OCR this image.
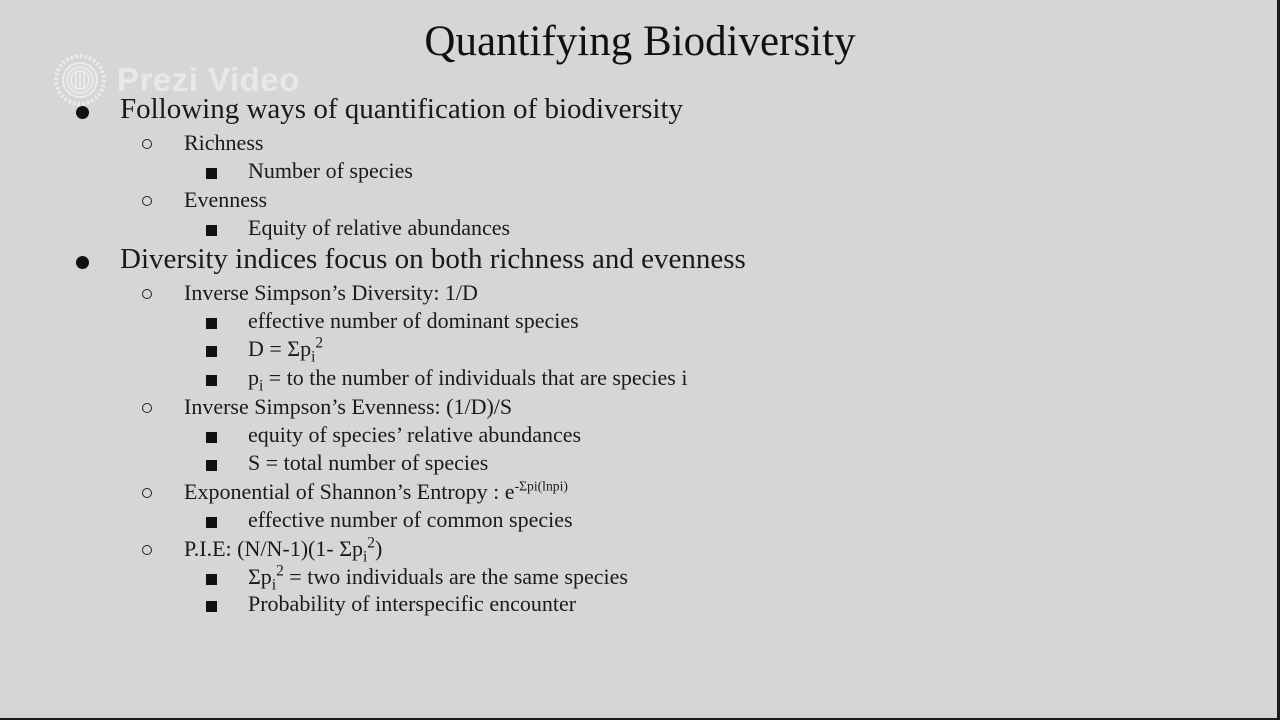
Quantifying Biodiversity
Prezi Video
Following ways of quantification of biodiversity
Richness
Number of species
Evenness
Equity of relative abundances
Diversity indices focus on both richness and evenness
Inverse Simpson’s Diversity: 1/D
effective number of dominant species
$D = \Sigma p_i^2$
$p_i$ = to the number of individuals that are species i
Inverse Simpson’s Evenness: (1/D)/S
equity of species’ relative abundances
S = total number of species
Exponential of Shannon’s Entropy : $e^{-\Sigma pi(lnpi)}$
effective number of common species
P.I.E: (N/N-1)(1- $\Sigma p_i^2$)
$\Sigma p_i^2$ = two individuals are the same species
Probability of interspecific encounter
